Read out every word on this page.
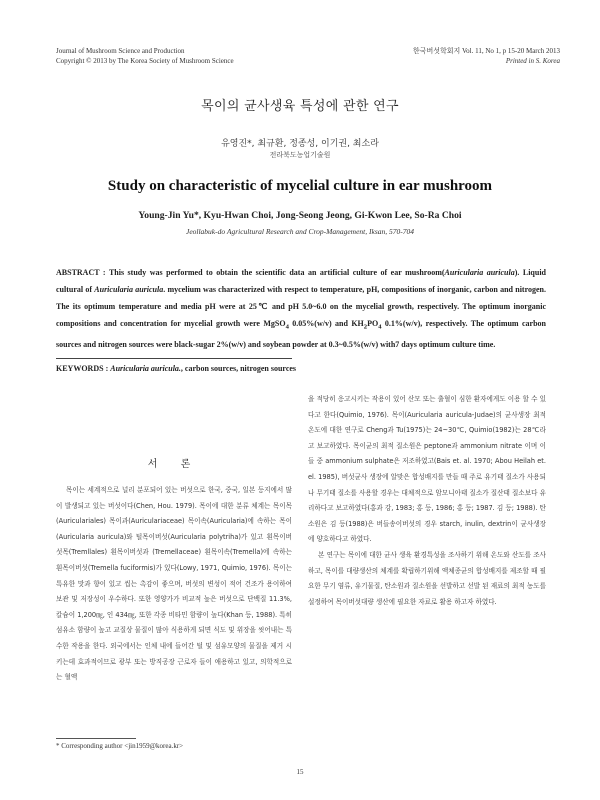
Journal of Mushroom Science and Production
Copyright © 2013 by The Korea Society of Mushroom Science
한국버섯학회지 Vol. 11, No 1, p 15-20 March 2013
Printed in S. Korea
목이의 균사생육 특성에 관한 연구
유영진*, 최규환, 정종성, 이기권, 최소라
전라북도농업기술원
Study on characteristic of mycelial culture in ear mushroom
Young-Jin Yu*, Kyu-Hwan Choi, Jong-Seong Jeong, Gi-Kwon Lee, So-Ra Choi
Jeollabuk-do Agricultural Research and Crop-Management, Iksan, 570-704
ABSTRACT : This study was performed to obtain the scientific data an artificial culture of ear mushroom(Auricularia auricula). Liquid cultural of Auricularia auricula. mycelium was characterized with respect to temperature, pH, compositions of inorganic, carbon and nitrogen. The its optimum temperature and media pH were at 25℃ and pH 5.0~6.0 on the mycelial growth, respectively. The optimum inorganic compositions and concentration for mycelial growth were MgSO$_4$ 0.05%(w/v) and $KH_2PO_4$ 0.1%(w/v), respectively. The optimum carbon sources and nitrogen sources were black-sugar 2%(w/v) and soybean powder at 0.3~0.5%(w/v) with7 days optimum culture time.
KEYWORDS : Auricularia auricula., carbon sources, nitrogen sources
서 론

목이는 세계적으로 널리 분포되어 있는 버섯으로 한국, 중국, 일본 등지에서 많이 발생되고 있는 버섯이다(Chen, Hou. 1979). 목이에 대한 분류 체계는 목이목(Auriculariales) 목이과(Auriculariaceae) 목이속(Auricularia)에 속하는 목이(Auricularia auricula)와 털목이버섯(Auricularia polytriha)가 있고 흰목이버섯목(Tremllales) 흰목이버섯과 (Tremellaceae) 흰목이속(Tremella)에 속하는 흰목이버섯(Tremella fuciformis)가 있다(Lowy, 1971, Quimio, 1976). 목이는 특유한 맛과 향이 있고 씹는 촉감이 좋으며, 버섯의 변성이 적어 건조가 용이하여 보관 및 저장성이 우수하다. 또한 영양가가 비교적 높은 버섯으로 단백질 11.3%, 칼슘이 1,200㎎, 인 434㎎, 또한 각종 비타민 함량이 높다(Khan 등, 1988). 특히 섬유소 함량이 높고 교질상 물질이 많아 식용하게 되면 식도 및 위장을 씻어내는 특수한 작용을 한다. 외국에서는 인체 내에 들어간 털 및 섬유모양의 물질을 제거 시키는데 효과적이므로 광부 또는 방직공장 근로자 들이 애용하고 있고, 의학적으로는 혈액

을 적당히 응고시키는 작용이 있어 산모 또는 출혈이 심한 환자에게도 이용 할 수 있다고 한다(Quimio, 1976). 목이(Auricularia auricula-Judae)의 균사생장 최적온도에 대한 연구로 Cheng과 Tu(1975)는 24~30℃, Quimio(1982)는 28℃라고 보고하였다. 목이균의 최적 질소원은 peptone과 ammonium nitrate 이며 이들 중 ammonium sulphate은 저조하였고(Bais et. al. 1970; Abou Heilah et. el. 1985), 버섯균사 생장에 알맞은 합성배지를 만들 때 주로 유기태 질소가 사용되나 무기태 질소를 사용할 경우는 대체적으로 암모니아태 질소가 질산태 질소보다 유리하다고 보고하였다(홍과 강, 1983; 홍 등, 1986; 홍 등; 1987. 김 등; 1988). 탄소원은 김 등(1988)은 버들송이버섯의 경우 starch, inulin, dextrin이 균사생장에 양호하다고 하였다.

본 연구는 목이에 대한 균사 생육 환경특성을 조사하기 위해 온도와 산도를 조사하고, 목이를 대량생산의 체계를 확립하기위해 액체종균의 합성배지를 제조할 때 필요한 무기 염류, 유기물질, 탄소원과 질소원을 선발하고 선발 된 재료의 최적 농도를 설정하여 목이버섯대량 생산에 필요한 자료로 활용 하고자 하였다.

* Corresponding author <jin1959@korea.kr>
15
